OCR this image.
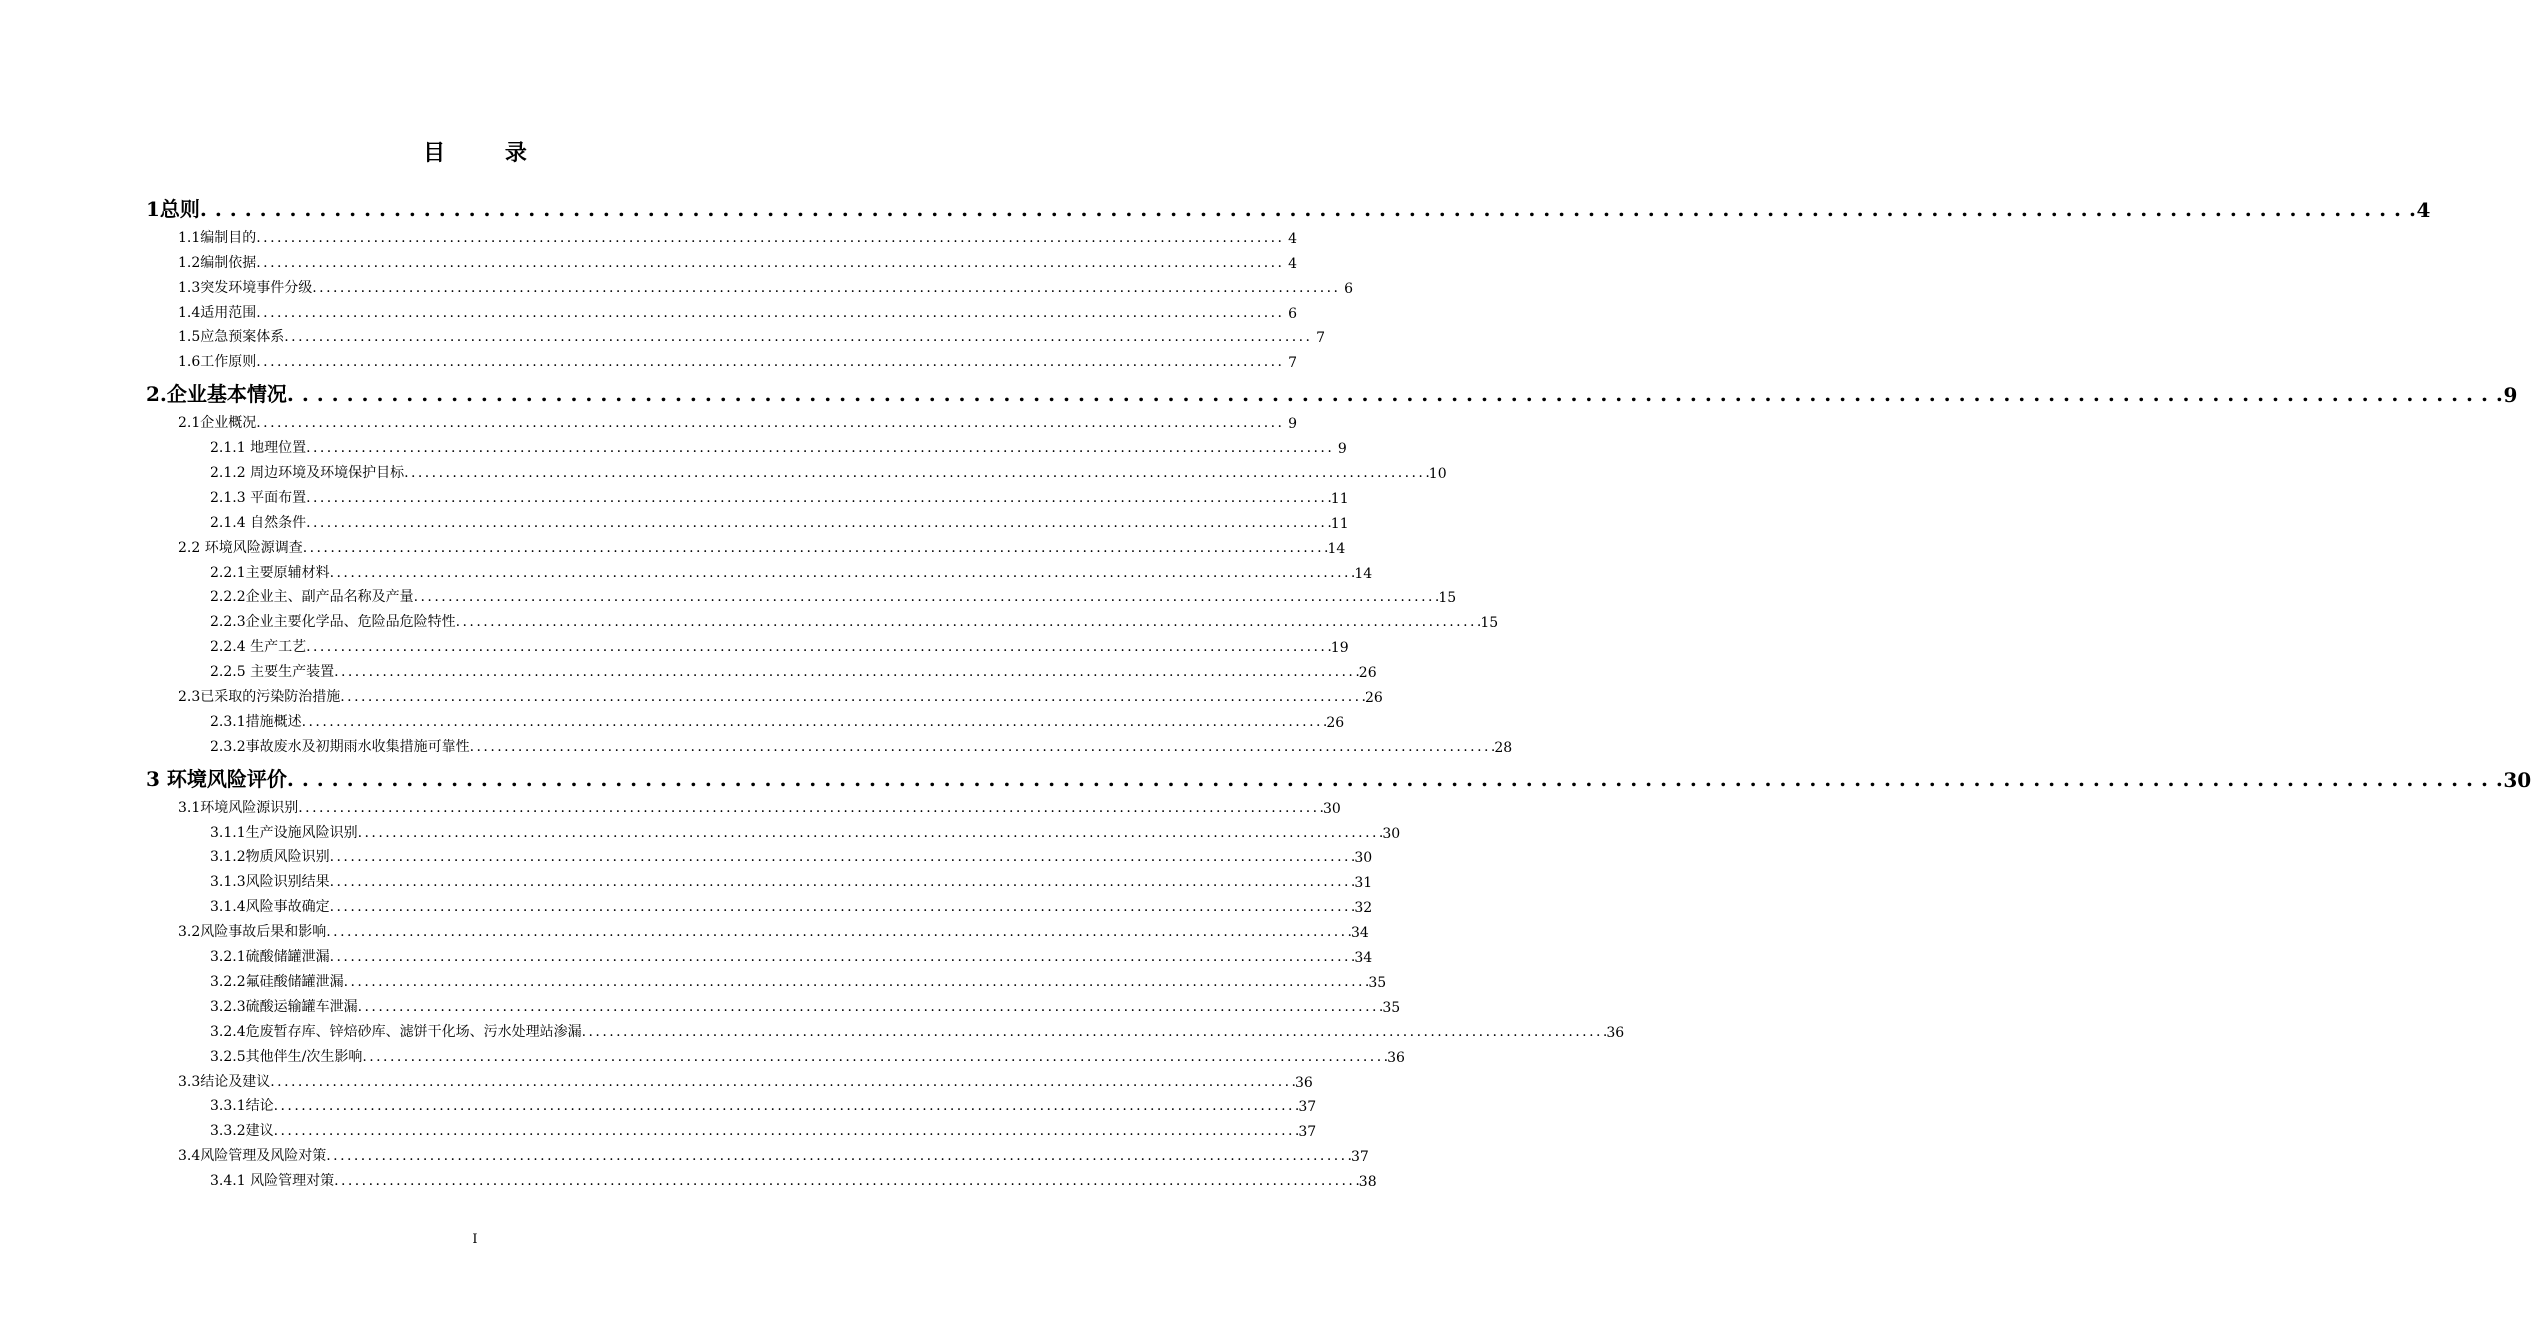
目 录
1总则 . . .	4
1.1编制目的 . . .	4
1.2编制依据 . . .	4
1.3突发环境事件分级 . . .	6
1.4适用范围 . . .	6
1.5应急预案体系 . . .	7
1.6工作原则 . . .	7
2.企业基本情况 . . .	9
2.1企业概况 . . .	9
2.1.1 地理位置 . . .	9
2.1.2 周边环境及环境保护目标 . . .	10
2.1.3 平面布置 . . .	11
2.1.4 自然条件 . . .	11
2.2 环境风险源调查 . . .	14
2.2.1主要原辅材料 . . .	14
2.2.2企业主、副产品名称及产量 . . .	15
2.2.3企业主要化学品、危险品危险特性 . . .	15
2.2.4 生产工艺 . . .	19
2.2.5 主要生产装置 . . .	26
2.3已采取的污染防治措施 . . .	26
2.3.1措施概述 . . .	26
2.3.2事故废水及初期雨水收集措施可靠性 . . .	28
3 环境风险评价 . . .	30
3.1环境风险源识别 . . .	30
3.1.1生产设施风险识别 . . .	30
3.1.2物质风险识别 . . .	30
3.1.3风险识别结果 . . .	31
3.1.4风险事故确定 . . .	32
3.2风险事故后果和影响 . . .	34
3.2.1硫酸储罐泄漏 . . .	34
3.2.2氟硅酸储罐泄漏 . . .	35
3.2.3硫酸运输罐车泄漏 . . .	35
3.2.4危废暂存库、锌焙砂库、滤饼干化场、污水处理站渗漏 . . .	36
3.2.5其他伴生/次生影响 . . .	36
3.3结论及建议 . . .	36
3.3.1结论 . . .	37
3.3.2建议 . . .	37
3.4风险管理及风险对策 . . .	37
3.4.1 风险管理对策 . . .	38
I
